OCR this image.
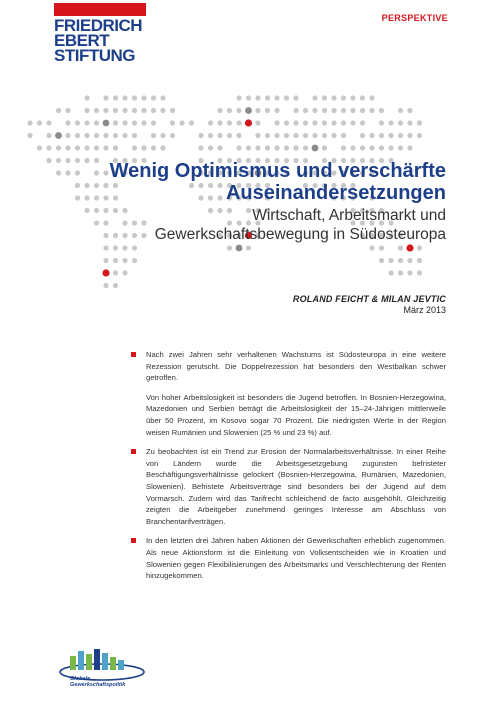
FRIEDRICH
EBERT
STIFTUNG
PERSPEKTIVE
Wenig Optimismus und verschärfte
Auseinandersetzungen
Wirtschaft, Arbeitsmarkt und
Gewerkschaftsbewegung in Südosteuropa
ROLAND FEICHT & MILAN JEVTIC
März 2013
Nach zwei Jahren sehr verhaltenen Wachstums ist Südosteuropa in eine weitere Rezession gerutscht. Die Doppelrezession hat besonders den Westbalkan schwer getroffen.
Von hoher Arbeitslosigkeit ist besonders die Jugend betroffen. In Bosnien-Herzegowina, Mazedonien und Serbien beträgt die Arbeitslosigkeit der 15–24-Jährigen mittlerweile über 50 Prozent, im Kosovo sogar 70 Prozent. Die niedrigsten Werte in der Region weisen Rumänien und Slowenien (25 % und 23 %) auf.
Zu beobachten ist ein Trend zur Erosion der Normalarbeitsverhältnisse. In einer Reihe von Ländern wurde die Arbeitsgesetzgebung zugunsten befristeter Beschäftigungsverhältnisse gelockert (Bosnien-Herzegowina, Rumänien, Mazedonien, Slowenien). Befristete Arbeitsverträge sind besonders bei der Jugend auf dem Vormarsch. Zudem wird das Tarifrecht schleichend de facto ausgehöhlt. Gleichzeitig zeigten die Arbeitgeber zunehmend geringes Interesse am Abschluss von Branchentarifverträgen.
In den letzten drei Jahren haben Aktionen der Gewerkschaften erheblich zugenommen. Als neue Aktionsform ist die Einleitung von Volksentscheiden wie in Kroatien und Slowenien gegen Flexibilisierungen des Arbeitsmarks und Verschlechterung der Renten hinzugekommen.
Globale
Gewerkschaftspolitik
